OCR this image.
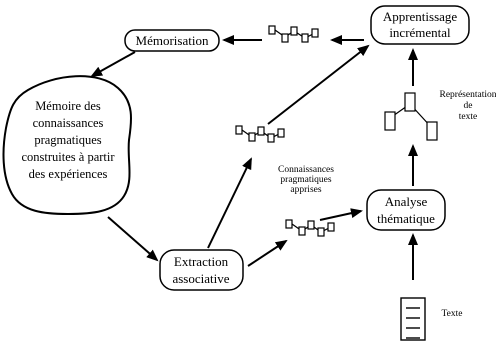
Mémorisation
Apprentissage
incrémental
Mémoire des
connaissances
pragmatiques
construites à partir
des expériences
Extraction
associative
Analyse
thématique
Représentation
de
texte
Connaissances
pragmatiques
apprises
Texte
